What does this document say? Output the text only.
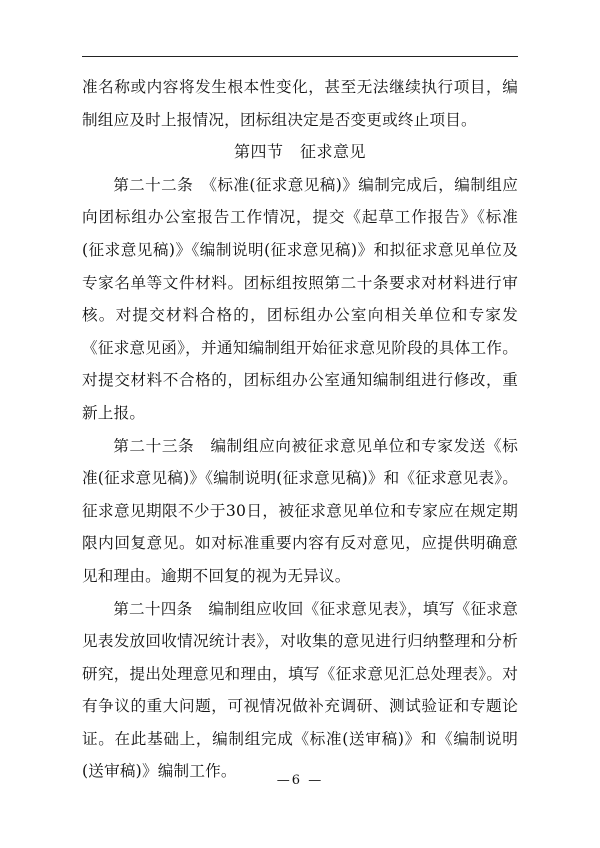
准名称或内容将发生根本性变化，甚至无法继续执行项目，编制组应及时上报情况，团标组决定是否变更或终止项目。

第四节　征求意见

第二十二条　《标准(征求意见稿)》编制完成后，编制组应向团标组办公室报告工作情况，提交《起草工作报告》《标准(征求意见稿)》《编制说明(征求意见稿)》和拟征求意见单位及专家名单等文件材料。团标组按照第二十条要求对材料进行审核。对提交材料合格的，团标组办公室向相关单位和专家发《征求意见函》，并通知编制组开始征求意见阶段的具体工作。对提交材料不合格的，团标组办公室通知编制组进行修改，重新上报。

第二十三条　编制组应向被征求意见单位和专家发送《标准(征求意见稿)》《编制说明(征求意见稿)》和《征求意见表》。征求意见期限不少于30日，被征求意见单位和专家应在规定期限内回复意见。如对标准重要内容有反对意见，应提供明确意见和理由。逾期不回复的视为无异议。

第二十四条　编制组应收回《征求意见表》，填写《征求意见表发放回收情况统计表》，对收集的意见进行归纳整理和分析研究，提出处理意见和理由，填写《征求意见汇总处理表》。对有争议的重大问题，可视情况做补充调研、测试验证和专题论证。在此基础上，编制组完成《标准(送审稿)》和《编制说明(送审稿)》编制工作。

—6 —
